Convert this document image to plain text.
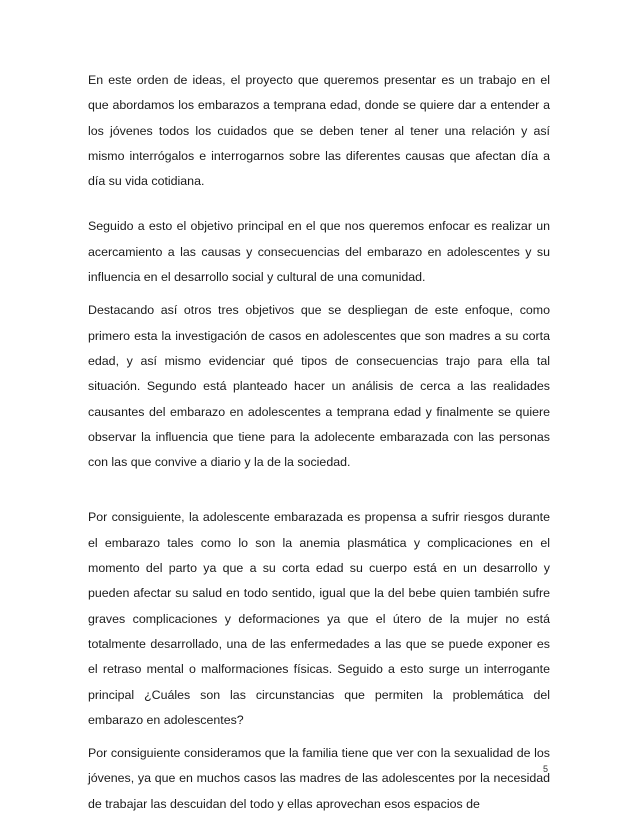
En este orden de ideas, el proyecto que queremos presentar es un trabajo en el que abordamos los embarazos a temprana edad, donde se quiere dar a entender a los jóvenes todos los cuidados que se deben tener al tener una relación y así mismo interrógalos e interrogarnos sobre las diferentes causas que afectan día a día su vida cotidiana.

Seguido a esto el objetivo principal en el que nos queremos enfocar es realizar un acercamiento a las causas y consecuencias del embarazo en adolescentes y su influencia en el desarrollo social y cultural de una comunidad.

Destacando así otros tres objetivos que se despliegan de este enfoque, como primero esta la investigación de casos en adolescentes que son madres a su corta edad, y así mismo evidenciar qué tipos de consecuencias trajo para ella tal situación. Segundo está planteado hacer un análisis de cerca a las realidades causantes del embarazo en adolescentes a temprana edad y finalmente se quiere observar la influencia que tiene para la adolecente embarazada con las personas con las que convive a diario y la de la sociedad.

Por consiguiente, la adolescente embarazada es propensa a sufrir riesgos durante el embarazo tales como lo son la anemia plasmática y complicaciones en el momento del parto ya que a su corta edad su cuerpo está en un desarrollo y pueden afectar su salud en todo sentido, igual que la del bebe quien también sufre graves complicaciones y deformaciones ya que el útero de la mujer no está totalmente desarrollado, una de las enfermedades a las que se puede exponer es el retraso mental o malformaciones físicas. Seguido a esto surge un interrogante principal ¿Cuáles son las circunstancias que permiten la problemática del embarazo en adolescentes?

Por consiguiente consideramos que la familia tiene que ver con la sexualidad de los jóvenes, ya que en muchos casos las madres de las adolescentes por la necesidad de trabajar las descuidan del todo y ellas aprovechan esos espacios de

5
